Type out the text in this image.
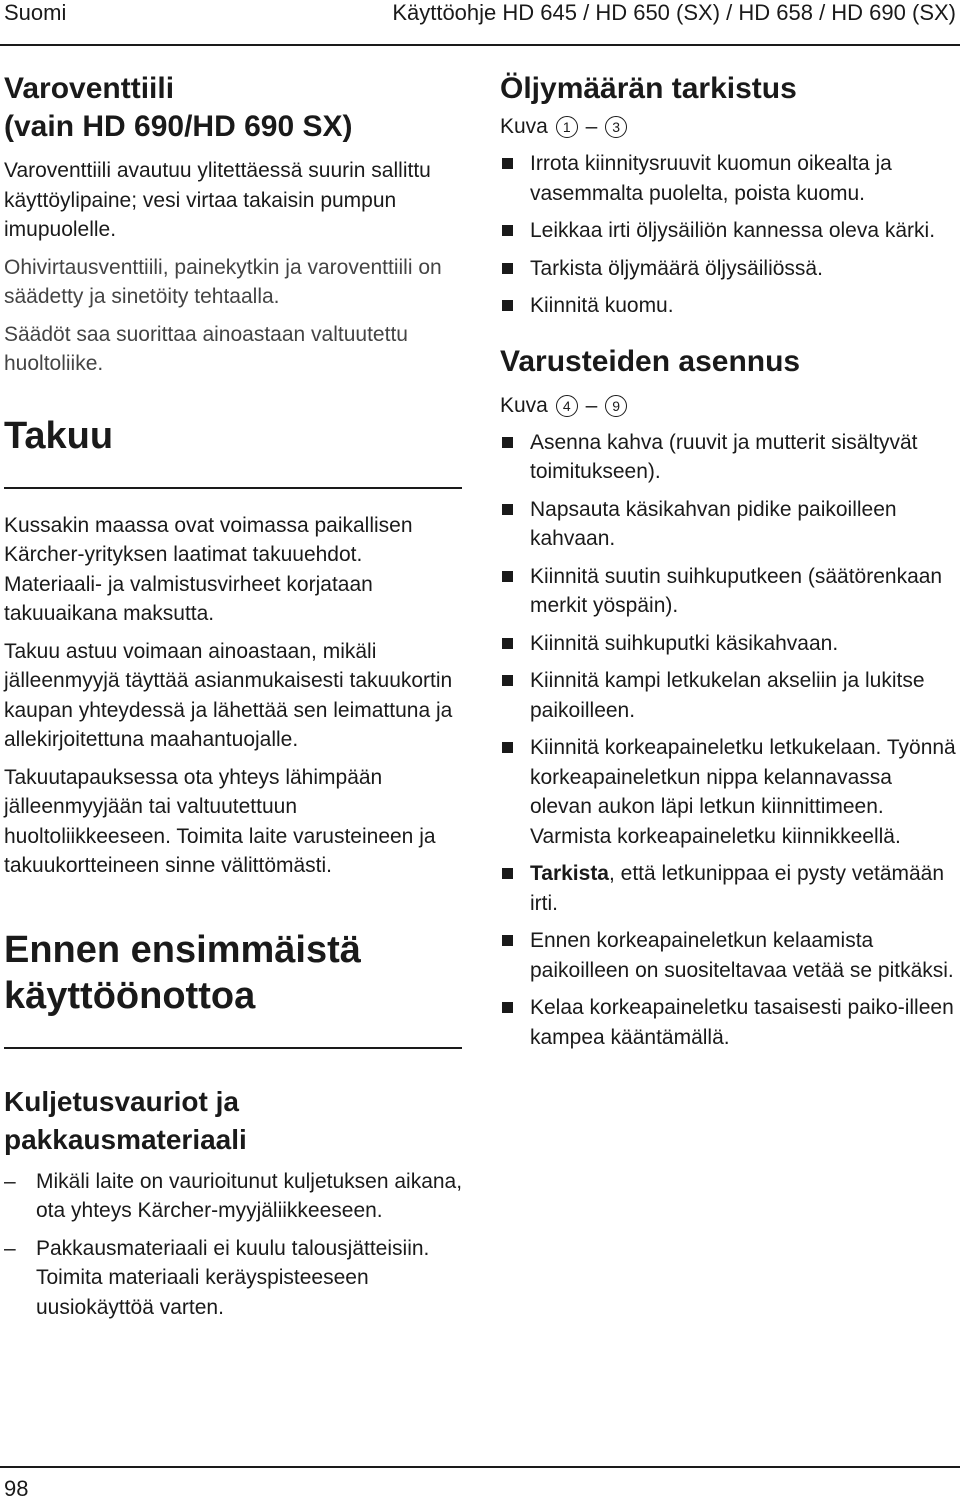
Suomi	Käyttöohje HD 645 / HD 650 (SX) / HD 658 / HD 690 (SX)
Varoventtiili
(vain HD 690/HD 690 SX)

Varoventtiili avautuu ylitettäessä suurin sallittu käyttöylipaine; vesi virtaa takaisin pumpun imupuolelle.

Ohivirtausventtiili, painekytkin ja varoventtiili on säädetty ja sinetöity tehtaalla.

Säädöt saa suorittaa ainoastaan valtuutettu huoltoliike.

Takuu

Kussakin maassa ovat voimassa paikallisen Kärcher-yrityksen laatimat takuuehdot. Materiaali- ja valmistusvirheet korjataan takuuaikana maksutta.

Takuu astuu voimaan ainoastaan, mikäli jälleenmyyjä täyttää asianmukaisesti takuukortin kaupan yhteydessä ja lähettää sen leimattuna ja allekirjoitettuna maahantuojalle.

Takuutapauksessa ota yhteys lähimpään jälleenmyyjään tai valtuutettuun huoltoliikkeeseen. Toimita laite varusteineen ja takuukortteineen sinne välittömästi.

Ennen ensimmäistä
käyttöönottoa
Kuljetusvauriot ja
pakkausmateriaali
– Mikäli laite on vaurioitunut kuljetuksen aikana, ota yhteys Kärcher-myyjäliikkeeseen.
– Pakkausmateriaali ei kuulu talousjätteisiin. Toimita materiaali keräyspisteeseen uusiokäyttöä varten.
Öljymäärän tarkistus
Kuva 1 – 3
Irrota kiinnitysruuvit kuomun oikealta ja vasemmalta puolelta, poista kuomu.
Leikkaa irti öljysäiliön kannessa oleva kärki.
Tarkista öljymäärä öljysäiliössä.
Kiinnitä kuomu.
Varusteiden asennus
Kuva 4 – 9
Asenna kahva (ruuvit ja mutterit sisältyvät toimitukseen).
Napsauta käsikahvan pidike paikoilleen kahvaan.
Kiinnitä suutin suihkuputkeen (säätörenkaan merkit yöspäin).
Kiinnitä suihkuputki käsikahvaan.
Kiinnitä kampi letkukelan akseliin ja lukitse paikoilleen.
Kiinnitä korkeapaineletku letkukelaan. Työnnä korkeapaineletkun nippa kelannavassa olevan aukon läpi letkun kiinnittimeen. Varmista korkeapaineletku kiinnikkeellä.
Tarkista, että letkunippaa ei pysty vetämään irti.
Ennen korkeapaineletkun kelaamista paikoilleen on suositeltavaa vetää se pitkäksi.
Kelaa korkeapaineletku tasaisesti paiko-illeen kampea kääntämällä.
98
